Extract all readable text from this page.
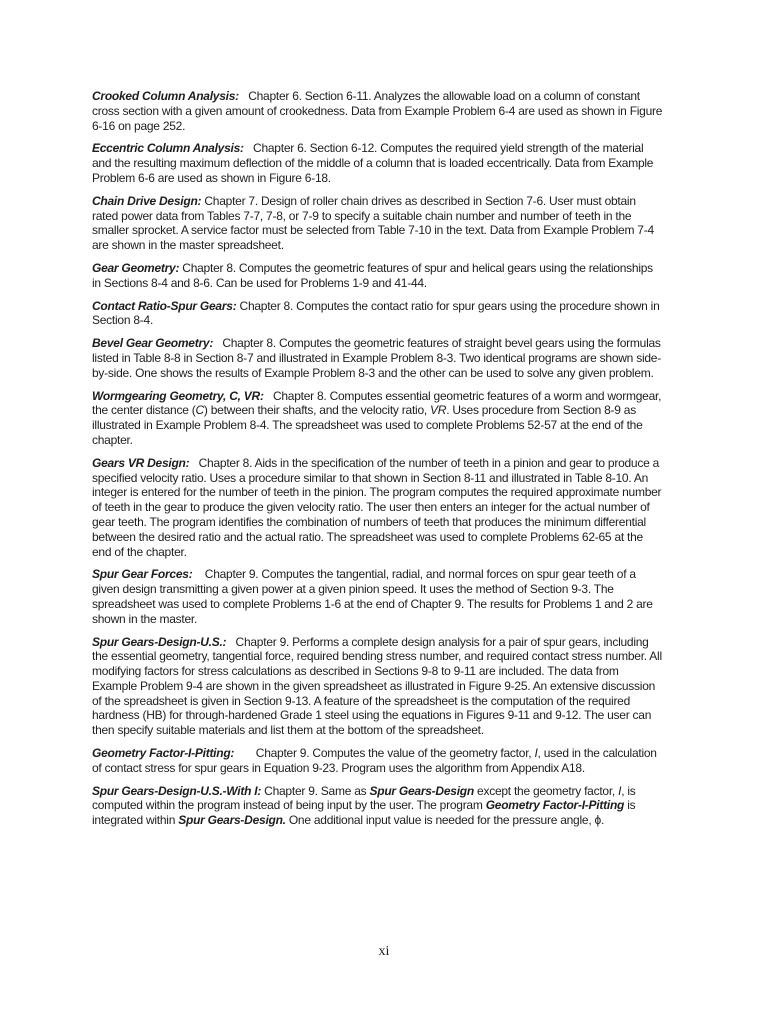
Crooked Column Analysis: Chapter 6. Section 6-11. Analyzes the allowable load on a column of constant cross section with a given amount of crookedness. Data from Example Problem 6-4 are used as shown in Figure 6-16 on page 252.

Eccentric Column Analysis: Chapter 6. Section 6-12. Computes the required yield strength of the material and the resulting maximum deflection of the middle of a column that is loaded eccentrically. Data from Example Problem 6-6 are used as shown in Figure 6-18.

Chain Drive Design: Chapter 7. Design of roller chain drives as described in Section 7-6. User must obtain rated power data from Tables 7-7, 7-8, or 7-9 to specify a suitable chain number and number of teeth in the smaller sprocket. A service factor must be selected from Table 7-10 in the text. Data from Example Problem 7-4 are shown in the master spreadsheet.

Gear Geometry: Chapter 8. Computes the geometric features of spur and helical gears using the relationships in Sections 8-4 and 8-6. Can be used for Problems 1-9 and 41-44.

Contact Ratio-Spur Gears: Chapter 8. Computes the contact ratio for spur gears using the procedure shown in Section 8-4.

Bevel Gear Geometry: Chapter 8. Computes the geometric features of straight bevel gears using the formulas listed in Table 8-8 in Section 8-7 and illustrated in Example Problem 8-3. Two identical programs are shown side-by-side. One shows the results of Example Problem 8-3 and the other can be used to solve any given problem.

Wormgearing Geometry, C, VR: Chapter 8. Computes essential geometric features of a worm and wormgear, the center distance (C) between their shafts, and the velocity ratio, VR. Uses procedure from Section 8-9 as illustrated in Example Problem 8-4. The spreadsheet was used to complete Problems 52-57 at the end of the chapter.

Gears VR Design: Chapter 8. Aids in the specification of the number of teeth in a pinion and gear to produce a specified velocity ratio. Uses a procedure similar to that shown in Section 8-11 and illustrated in Table 8-10. An integer is entered for the number of teeth in the pinion. The program computes the required approximate number of teeth in the gear to produce the given velocity ratio. The user then enters an integer for the actual number of gear teeth. The program identifies the combination of numbers of teeth that produces the minimum differential between the desired ratio and the actual ratio. The spreadsheet was used to complete Problems 62-65 at the end of the chapter.

Spur Gear Forces: Chapter 9. Computes the tangential, radial, and normal forces on spur gear teeth of a given design transmitting a given power at a given pinion speed. It uses the method of Section 9-3. The spreadsheet was used to complete Problems 1-6 at the end of Chapter 9. The results for Problems 1 and 2 are shown in the master.

Spur Gears-Design-U.S.: Chapter 9. Performs a complete design analysis for a pair of spur gears, including the essential geometry, tangential force, required bending stress number, and required contact stress number. All modifying factors for stress calculations as described in Sections 9-8 to 9-11 are included. The data from Example Problem 9-4 are shown in the given spreadsheet as illustrated in Figure 9-25. An extensive discussion of the spreadsheet is given in Section 9-13. A feature of the spreadsheet is the computation of the required hardness (HB) for through-hardened Grade 1 steel using the equations in Figures 9-11 and 9-12. The user can then specify suitable materials and list them at the bottom of the spreadsheet.

Geometry Factor-I-Pitting: Chapter 9. Computes the value of the geometry factor, I, used in the calculation of contact stress for spur gears in Equation 9-23. Program uses the algorithm from Appendix A18.

Spur Gears-Design-U.S.-With I: Chapter 9. Same as Spur Gears-Design except the geometry factor, I, is computed within the program instead of being input by the user. The program Geometry Factor-I-Pitting is integrated within Spur Gears-Design. One additional input value is needed for the pressure angle, ϕ.

xi
